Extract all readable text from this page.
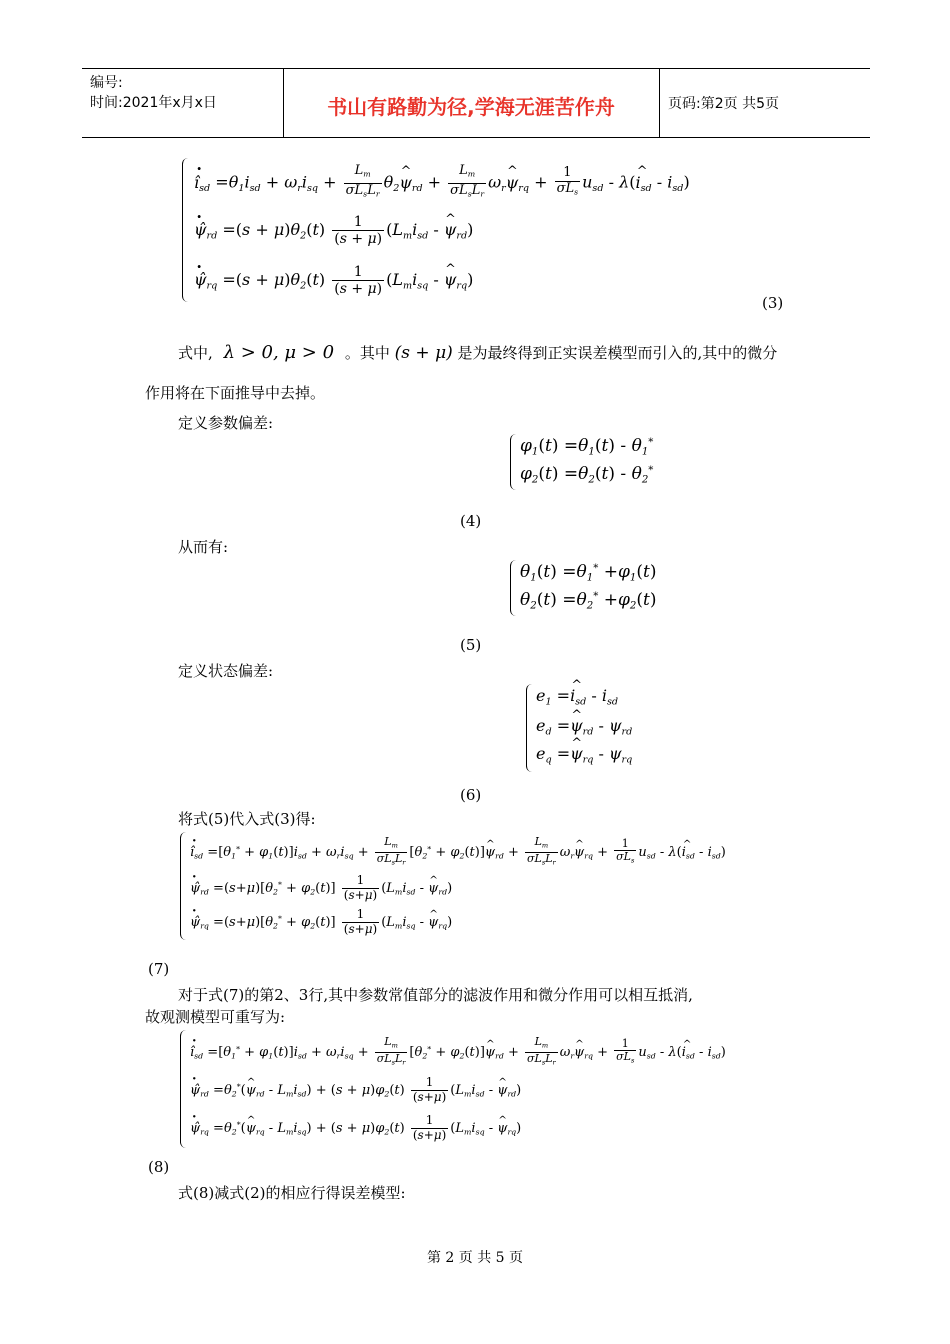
编号:
时间:2021年x月x日	书山有路勤为径,学海无涯苦作舟	页码:第2页 共5页
î $\cdot_{sd} =\theta_1i_{sd} + \omega_ri_{sq} + \frac{L_m}{\sigma L_sL_r}$ $\theta_2\^{}$ $\psi_{rd} + \frac{L_m}{\sigma L_sL_r}$ $\omega_r\^{}$ $\psi_{rq} + \frac{1}{\sigma L_s} u_{sd}$ - λ(^ $i_{sd} - i_{sd}$)
ψ̂ $\cdot_{rd} =(s + \mu)\theta_2(t) \frac{1}{(s + \mu)} (L_mi_{sd}$ - ^ $\psi_{rd}$)
ψ̂ $\cdot_{rq} =(s + \mu)\theta_2(t) \frac{1}{(s + \mu)} (L_mi_{sq}$ - ^ $\psi_{rq}$)
(3)
式中, λ > 0, μ > 0 。其中 (s + μ) 是为最终得到正实误差模型而引入的,其中的微分
作用将在下面推导中去掉。
定义参数偏差:
$\varphi_1(t) =\theta_1(t) - \theta_1^*$
$\varphi_2(t) =\theta_2(t) - \theta_2^*$
(4)
从而有:
$\theta_1(t) =\theta_1^* +\varphi_1(t)$
$\theta_2(t) =\theta_2^* +\varphi_2(t)$
(5)
定义状态偏差:
$e_1$ =^ $i_{sd} - i_{sd}$
$e_d$ =^ $\psi_{rd} - \psi_{rd}$
$e_q$ =^ $\psi_{rq} - \psi_{rq}$
(6)
将式(5)代入式(3)得:
î $\cdot_{sd} =[\theta_1^* + \varphi_1(t)]i_{sd} + \omega_ri_{sq} + \frac{L_m}{\sigma L_sL_r} [\theta_2^*$ + $\varphi_2(t)]\^{}$ $\psi_{rd} + \frac{L_m}{\sigma L_sL_r}$ $\omega_r\^{}$ $\psi_{rq} + \frac{1}{\sigma L_s} u_{sd}$ - λ(^ $i_{sd} - i_{sd}$)
ψ̂ $\cdot_{rd} =(s+\mu)[\theta_2^* + \varphi_2(t)] \frac{1}{(s+\mu)} (L_mi_{sd}$ - ^ $\psi_{rd}$)
ψ̂ $\cdot_{rq} =(s+\mu)[\theta_2^* + \varphi_2(t)] \frac{1}{(s+\mu)} (L_mi_{sq}$ - ^ $\psi_{rq}$)
(7)
对于式(7)的第2、3行,其中参数常值部分的滤波作用和微分作用可以相互抵消,
故观测模型可重写为:
î $\cdot_{sd} =[\theta_1^* + \varphi_1(t)]i_{sd} + \omega_ri_{sq} + \frac{L_m}{\sigma L_sL_r} [\theta_2^*$ + $\varphi_2(t)]\^{}$ $\psi_{rd} + \frac{L_m}{\sigma L_sL_r}$ $\omega_r\^{}$ $\psi_{rq} + \frac{1}{\sigma L_s} u_{sd}$ - λ(^ $i_{sd} - i_{sd}$)
ψ̂ $\cdot_{rd}$ $=\theta_2^*(\^{}$ $\psi_{rd} - L_mi_{sd}) + (s + \mu)\varphi_2(t) \frac{1}{(s+\mu)} (L_mi_{sd}$ - ^ $\psi_{rd}$)
ψ̂ $\cdot_{rq}$ $=\theta_2^*(\^{}$ $\psi_{rq} - L_mi_{sq}) + (s + \mu)\varphi_2(t) \frac{1}{(s+\mu)} (L_mi_{sq}$ - ^ $\psi_{rq}$)
(8)
式(8)减式(2)的相应行得误差模型:
第 2 页 共 5 页
